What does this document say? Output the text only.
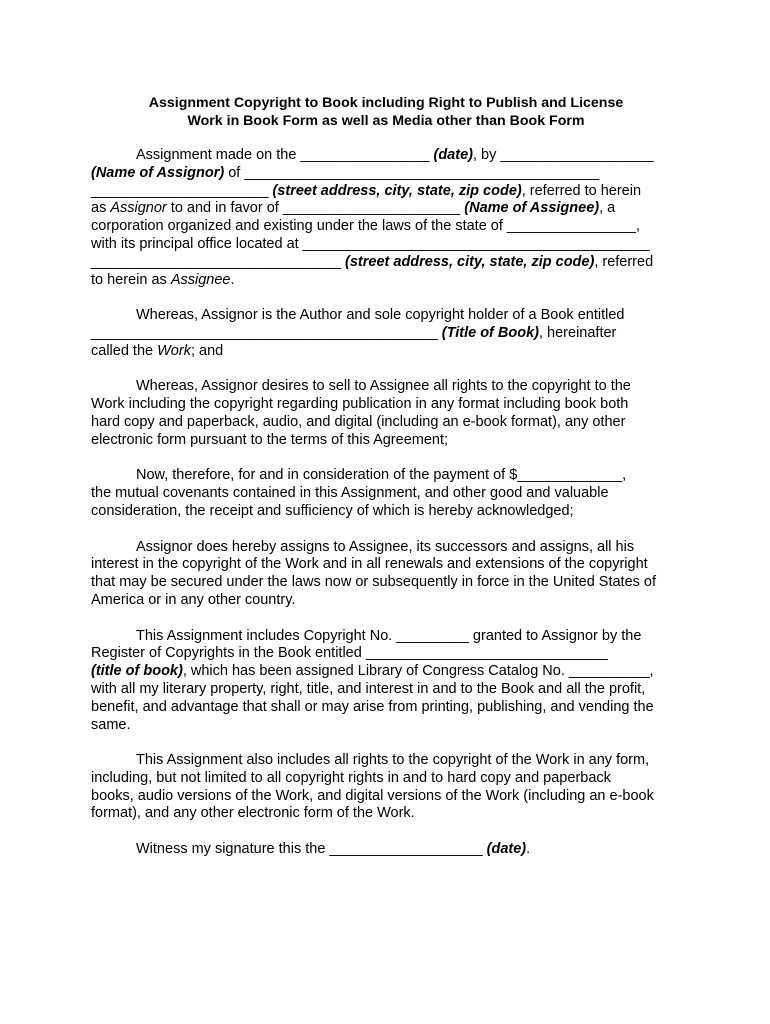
Assignment Copyright to Book including Right to Publish and License
Work in Book Form as well as Media other than Book Form
Assignment made on the ________________ (date), by ___________________
(Name of Assignor) of ____________________________________________
______________________ (street address, city, state, zip code), referred to herein
as Assignor to and in favor of ______________________ (Name of Assignee), a
corporation organized and existing under the laws of the state of ________________,
with its principal office located at ___________________________________________
_______________________________ (street address, city, state, zip code), referred
to herein as Assignee.
Whereas, Assignor is the Author and sole copyright holder of a Book entitled
___________________________________________ (Title of Book), hereinafter
called the Work; and
Whereas, Assignor desires to sell to Assignee all rights to the copyright to the
Work including the copyright regarding publication in any format including book both
hard copy and paperback, audio, and digital (including an e-book format), any other
electronic form pursuant to the terms of this Agreement;
Now, therefore, for and in consideration of the payment of $_____________,
the mutual covenants contained in this Assignment, and other good and valuable
consideration, the receipt and sufficiency of which is hereby acknowledged;
Assignor does hereby assigns to Assignee, its successors and assigns, all his
interest in the copyright of the Work and in all renewals and extensions of the copyright
that may be secured under the laws now or subsequently in force in the United States of
America or in any other country.
This Assignment includes Copyright No. _________ granted to Assignor by the
Register of Copyrights in the Book entitled ______________________________
(title of book), which has been assigned Library of Congress Catalog No. __________,
with all my literary property, right, title, and interest in and to the Book and all the profit,
benefit, and advantage that shall or may arise from printing, publishing, and vending the
same.
This Assignment also includes all rights to the copyright of the Work in any form,
including, but not limited to all copyright rights in and to hard copy and paperback
books, audio versions of the Work, and digital versions of the Work (including an e-book
format), and any other electronic form of the Work.
Witness my signature this the ___________________ (date).
